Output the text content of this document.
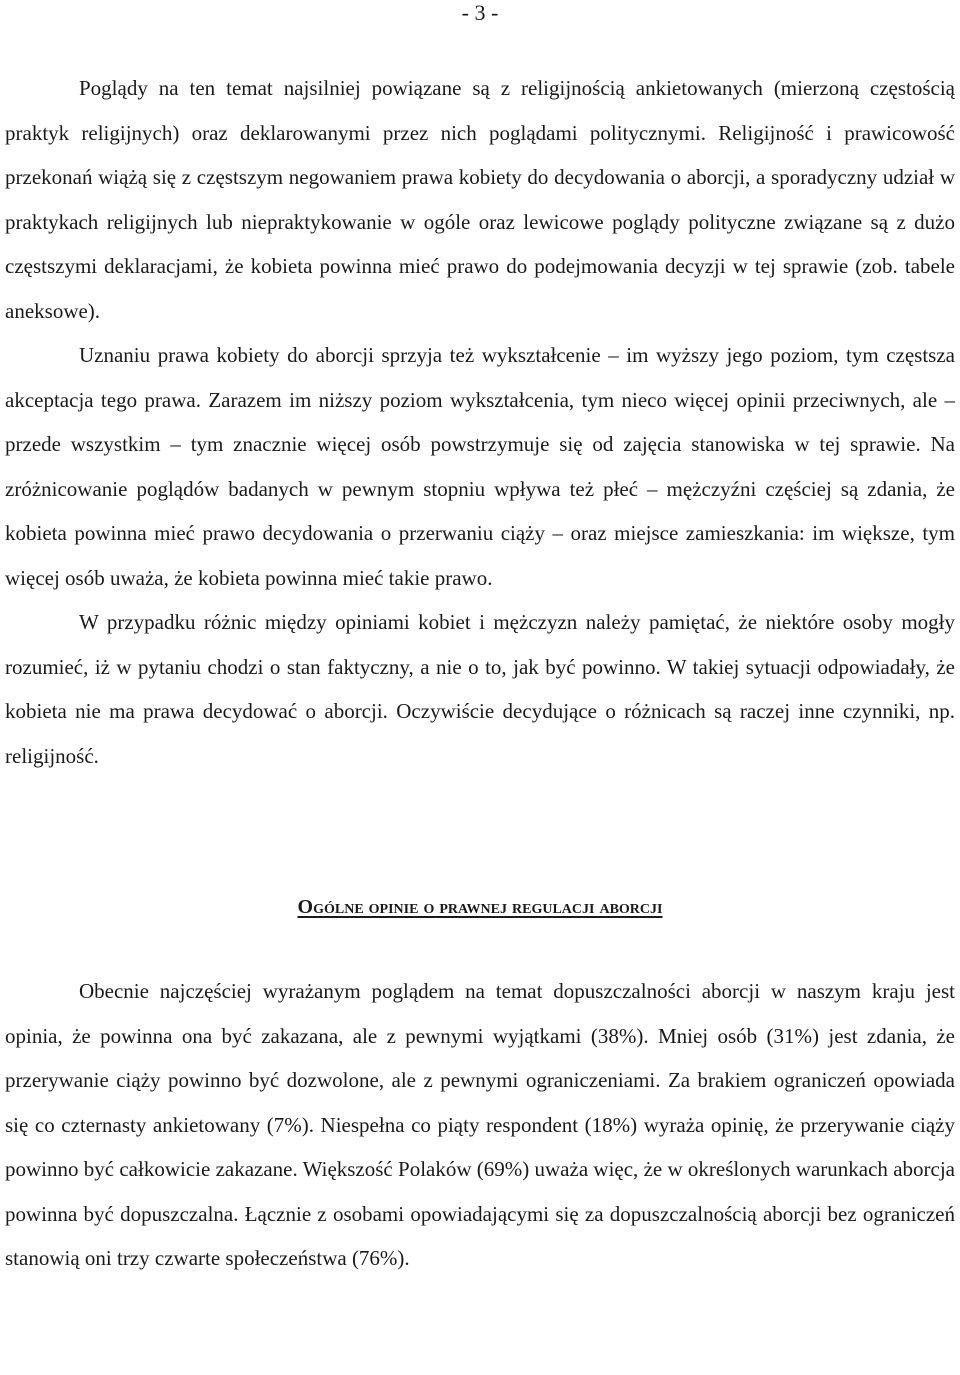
- 3 -

Poglądy na ten temat najsilniej powiązane są z religijnością ankietowanych (mierzoną częstością praktyk religijnych) oraz deklarowanymi przez nich poglądami politycznymi. Religijność i prawicowość przekonań wiążą się z częstszym negowaniem prawa kobiety do decydowania o aborcji, a sporadyczny udział w praktykach religijnych lub niepraktykowanie w ogóle oraz lewicowe poglądy polityczne związane są z dużo częstszymi deklaracjami, że kobieta powinna mieć prawo do podejmowania decyzji w tej sprawie (zob. tabele aneksowe).

Uznaniu prawa kobiety do aborcji sprzyja też wykształcenie – im wyższy jego poziom, tym częstsza akceptacja tego prawa. Zarazem im niższy poziom wykształcenia, tym nieco więcej opinii przeciwnych, ale – przede wszystkim – tym znacznie więcej osób powstrzymuje się od zajęcia stanowiska w tej sprawie. Na zróżnicowanie poglądów badanych w pewnym stopniu wpływa też płeć – mężczyźni częściej są zdania, że kobieta powinna mieć prawo decydowania o przerwaniu ciąży – oraz miejsce zamieszkania: im większe, tym więcej osób uważa, że kobieta powinna mieć takie prawo.

W przypadku różnic między opiniami kobiet i mężczyzn należy pamiętać, że niektóre osoby mogły rozumieć, iż w pytaniu chodzi o stan faktyczny, a nie o to, jak być powinno. W takiej sytuacji odpowiadały, że kobieta nie ma prawa decydować o aborcji. Oczywiście decydujące o różnicach są raczej inne czynniki, np. religijność.

Ogólne opinie o prawnej regulacji aborcji

Obecnie najczęściej wyrażanym poglądem na temat dopuszczalności aborcji w naszym kraju jest opinia, że powinna ona być zakazana, ale z pewnymi wyjątkami (38%). Mniej osób (31%) jest zdania, że przerywanie ciąży powinno być dozwolone, ale z pewnymi ograniczeniami. Za brakiem ograniczeń opowiada się co czternasty ankietowany (7%). Niespełna co piąty respondent (18%) wyraża opinię, że przerywanie ciąży powinno być całkowicie zakazane. Większość Polaków (69%) uważa więc, że w określonych warunkach aborcja powinna być dopuszczalna. Łącznie z osobami opowiadającymi się za dopuszczalnością aborcji bez ograniczeń stanowią oni trzy czwarte społeczeństwa (76%).
